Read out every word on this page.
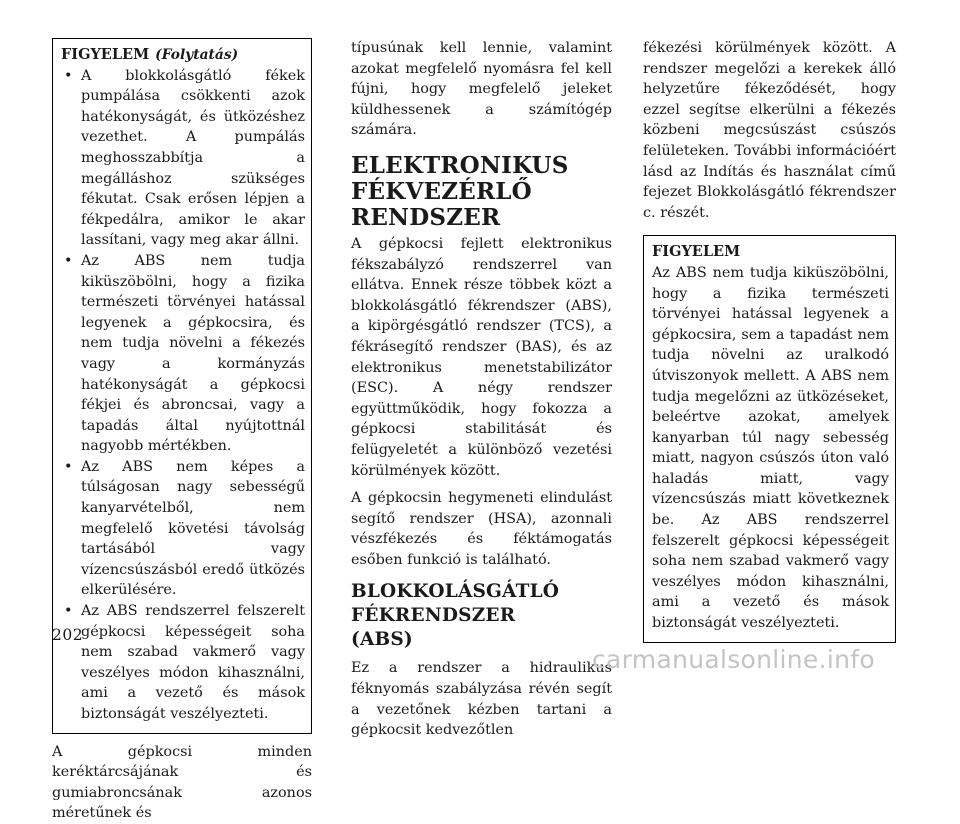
FIGYELEM (Folytatás)
• A blokkolásgátló fékek pumpálása csökkenti azok hatékonyságát, és ütközéshez vezethet. A pumpálás meghosszabbítja a megálláshoz szükséges fékutat. Csak erősen lépjen a fékpedálra, amikor le akar lassítani, vagy meg akar állni.
• Az ABS nem tudja kiküszöbölni, hogy a fizika természeti törvényei hatással legyenek a gépkocsira, és nem tudja növelni a fékezés vagy a kormányzás hatékonyságát a gépkocsi fékjei és abroncsai, vagy a tapadás által nyújtottnál nagyobb mértékben.
• Az ABS nem képes a túlságosan nagy sebességű kanyarvételből, nem megfelelő követési távolság tartásából vagy vízencsúszásból eredő ütközés elkerülésére.
• Az ABS rendszerrel felszerelt gépkocsi képességeit soha nem szabad vakmerő vagy veszélyes módon kihasználni, ami a vezető és mások biztonságát veszélyezteti.

A gépkocsi minden keréktárcsájának és gumiabroncsának azonos méretűnek és

típusúnak kell lennie, valamint azokat megfelelő nyomásra fel kell fújni, hogy megfelelő jeleket küldhessenek a számítógép számára.

ELEKTRONIKUS FÉKVEZÉRLŐ RENDSZER

A gépkocsi fejlett elektronikus fékszabályzó rendszerrel van ellátva. Ennek része többek közt a blokkolásgátló fékrendszer (ABS), a kipörgésgátló rendszer (TCS), a fékrásegítő rendszer (BAS), és az elektronikus menetstabilizátor (ESC). A négy rendszer együttműködik, hogy fokozza a gépkocsi stabilitását és felügyeletét a különböző vezetési körülmények között.

A gépkocsin hegymeneti elindulást segítő rendszer (HSA), azonnali vészfékezés és féktámogatás esőben funkció is található.

BLOKKOLÁSGÁTLÓ FÉKRENDSZER (ABS)

Ez a rendszer a hidraulikus féknyomás szabályzása révén segít a vezetőnek kézben tartani a gépkocsit kedvezőtlen

fékezési körülmények között. A rendszer megelőzi a kerekek álló helyzetűre fékeződését, hogy ezzel segítse elkerülni a fékezés közbeni megcsúszást csúszós felületeken. További információért lásd az Indítás és használat című fejezet Blokkolásgátló fékrendszer c. részét.

FIGYELEM

Az ABS nem tudja kiküszöbölni, hogy a fizika természeti törvényei hatással legyenek a gépkocsira, sem a tapadást nem tudja növelni az uralkodó útviszonyok mellett. A ABS nem tudja megelőzni az ütközéseket, beleértve azokat, amelyek kanyarban túl nagy sebesség miatt, nagyon csúszós úton való haladás miatt, vagy vízencsúszás miatt következnek be. Az ABS rendszerrel felszerelt gépkocsi képességeit soha nem szabad vakmerő vagy veszélyes módon kihasználni, ami a vezető és mások biztonságát veszélyezteti.

202
carmanualsonline.info
